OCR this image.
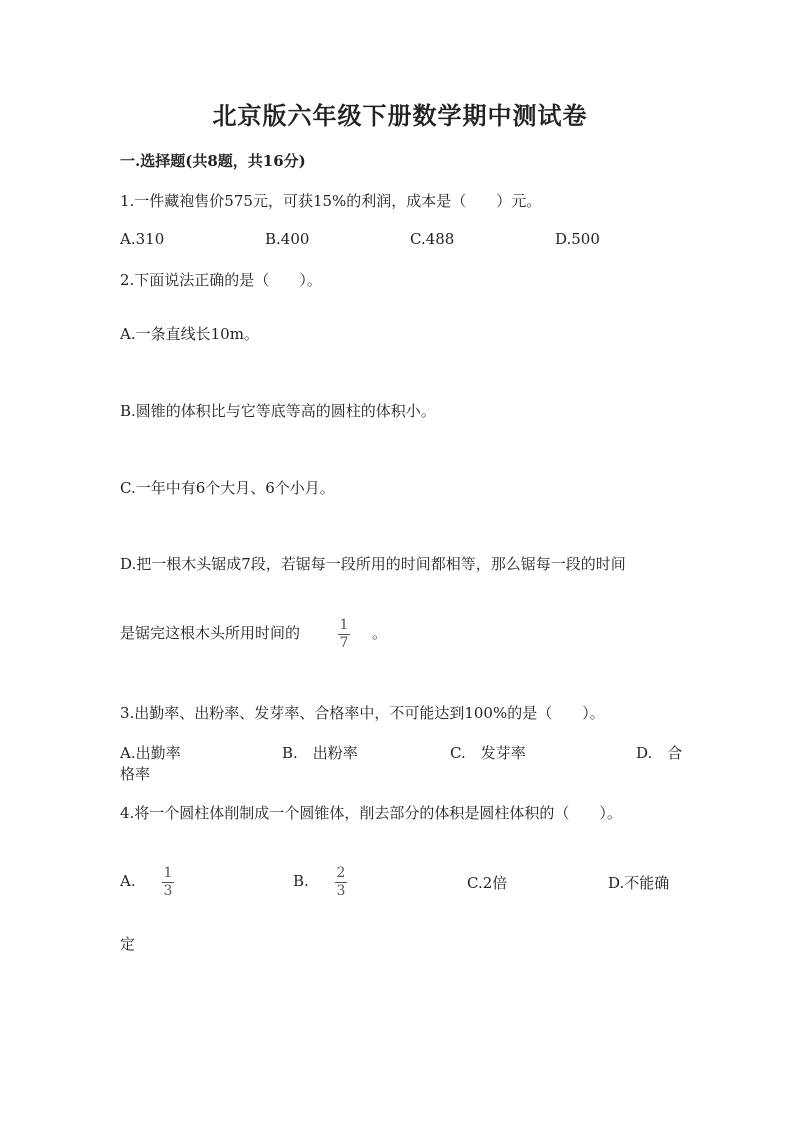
北京版六年级下册数学期中测试卷
一.选择题(共8题，共16分)
1.一件藏袍售价575元，可获15%的利润，成本是（　　）元。
A.310	B.400	C.488	D.500
2.下面说法正确的是（　　）。
A.一条直线长10m。
B.圆锥的体积比与它等底等高的圆柱的体积小。
C.一年中有6个大月、6个小月。
D.把一根木头锯成7段，若锯每一段所用的时间都相等，那么锯每一段的时间
是锯完这根木头所用时间的	1
7
。
3.出勤率、出粉率、发芽率、合格率中，不可能达到100%的是（　　）。
A.出勤率	B.　出粉率	C.　发芽率	D.　合
格率
4.将一个圆柱体削制成一个圆锥体，削去部分的体积是圆柱体积的（　　）。
A. 1
3
B. 2
3	C.2倍	D.不能确
定
